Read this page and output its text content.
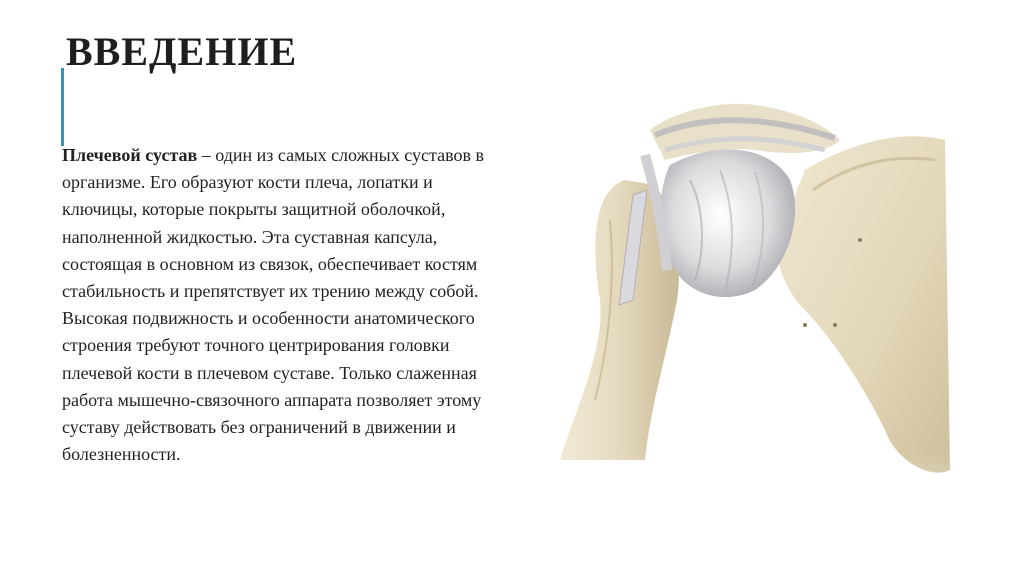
ВВЕДЕНИЕ

Плечевой сустав – один из самых сложных суставов в организме. Его образуют кости плеча, лопатки и ключицы, которые покрыты защитной оболочкой, наполненной жидкостью. Эта суставная капсула, состоящая в основном из связок, обеспечивает костям стабильность и препятствует их трению между собой. Высокая подвижность и особенности анатомического строения требуют точного центрирования головки плечевой кости в плечевом суставе. Только слаженная работа мышечно-связочного аппарата позволяет этому суставу действовать без ограничений в движении и болезненности.
